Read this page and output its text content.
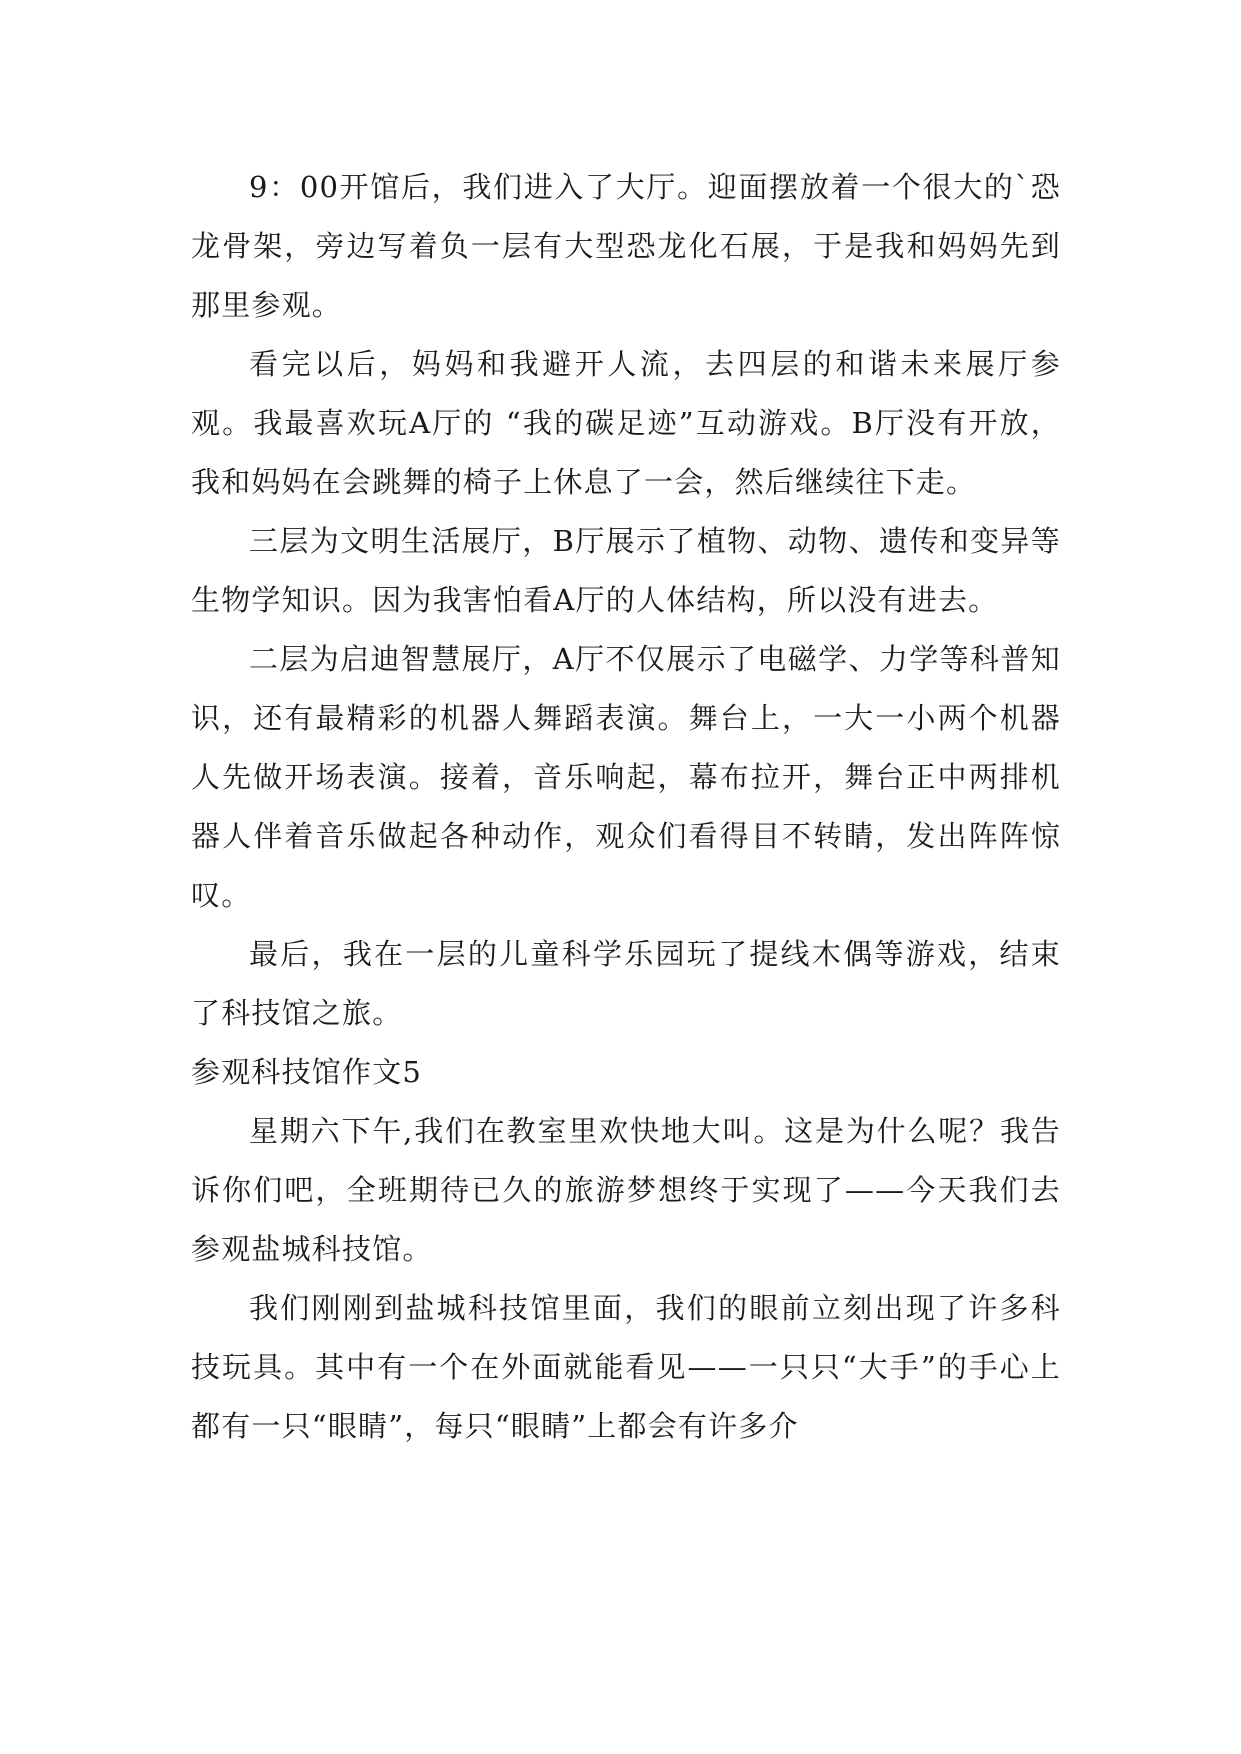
9：00开馆后，我们进入了大厅。迎面摆放着一个很大的`恐龙骨架，旁边写着负一层有大型恐龙化石展，于是我和妈妈先到那里参观。

看完以后，妈妈和我避开人流，去四层的和谐未来展厅参观。我最喜欢玩A厅的 “我的碳足迹”互动游戏。B厅没有开放，我和妈妈在会跳舞的椅子上休息了一会，然后继续往下走。

三层为文明生活展厅，B厅展示了植物、动物、遗传和变异等生物学知识。因为我害怕看A厅的人体结构，所以没有进去。

二层为启迪智慧展厅，A厅不仅展示了电磁学、力学等科普知识，还有最精彩的机器人舞蹈表演。舞台上，一大一小两个机器人先做开场表演。接着，音乐响起，幕布拉开，舞台正中两排机器人伴着音乐做起各种动作，观众们看得目不转睛，发出阵阵惊叹。

最后，我在一层的儿童科学乐园玩了提线木偶等游戏，结束了科技馆之旅。

参观科技馆作文5

星期六下午,我们在教室里欢快地大叫。这是为什么呢？我告诉你们吧，全班期待已久的旅游梦想终于实现了——今天我们去参观盐城科技馆。

我们刚刚到盐城科技馆里面，我们的眼前立刻出现了许多科技玩具。其中有一个在外面就能看见——一只只“大手”的手心上都有一只“眼睛”，每只“眼睛”上都会有许多介
